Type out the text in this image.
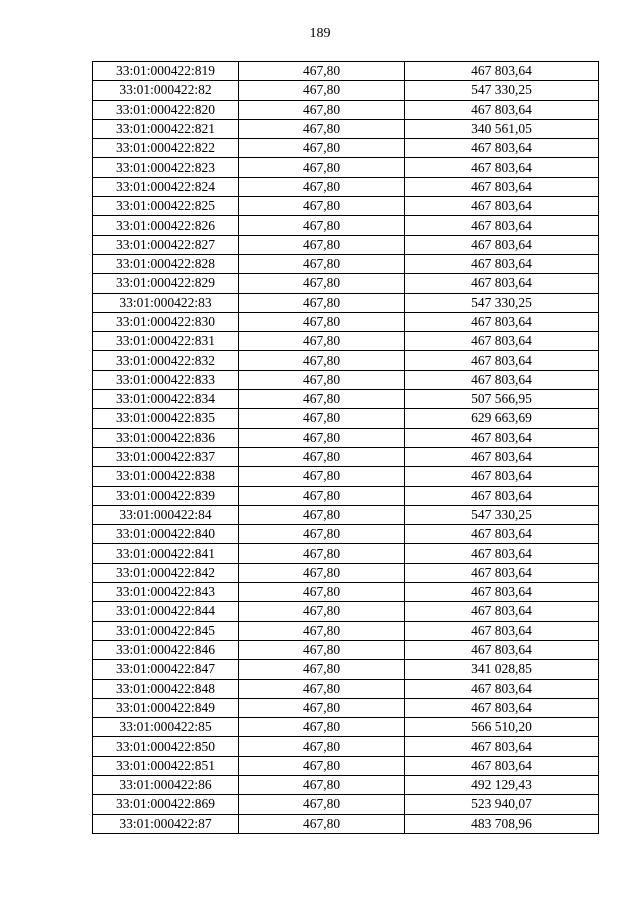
189
33:01:000422:819	467,80	467 803,64
33:01:000422:82	467,80	547 330,25
33:01:000422:820	467,80	467 803,64
33:01:000422:821	467,80	340 561,05
33:01:000422:822	467,80	467 803,64
33:01:000422:823	467,80	467 803,64
33:01:000422:824	467,80	467 803,64
33:01:000422:825	467,80	467 803,64
33:01:000422:826	467,80	467 803,64
33:01:000422:827	467,80	467 803,64
33:01:000422:828	467,80	467 803,64
33:01:000422:829	467,80	467 803,64
33:01:000422:83	467,80	547 330,25
33:01:000422:830	467,80	467 803,64
33:01:000422:831	467,80	467 803,64
33:01:000422:832	467,80	467 803,64
33:01:000422:833	467,80	467 803,64
33:01:000422:834	467,80	507 566,95
33:01:000422:835	467,80	629 663,69
33:01:000422:836	467,80	467 803,64
33:01:000422:837	467,80	467 803,64
33:01:000422:838	467,80	467 803,64
33:01:000422:839	467,80	467 803,64
33:01:000422:84	467,80	547 330,25
33:01:000422:840	467,80	467 803,64
33:01:000422:841	467,80	467 803,64
33:01:000422:842	467,80	467 803,64
33:01:000422:843	467,80	467 803,64
33:01:000422:844	467,80	467 803,64
33:01:000422:845	467,80	467 803,64
33:01:000422:846	467,80	467 803,64
33:01:000422:847	467,80	341 028,85
33:01:000422:848	467,80	467 803,64
33:01:000422:849	467,80	467 803,64
33:01:000422:85	467,80	566 510,20
33:01:000422:850	467,80	467 803,64
33:01:000422:851	467,80	467 803,64
33:01:000422:86	467,80	492 129,43
33:01:000422:869	467,80	523 940,07
33:01:000422:87	467,80	483 708,96
